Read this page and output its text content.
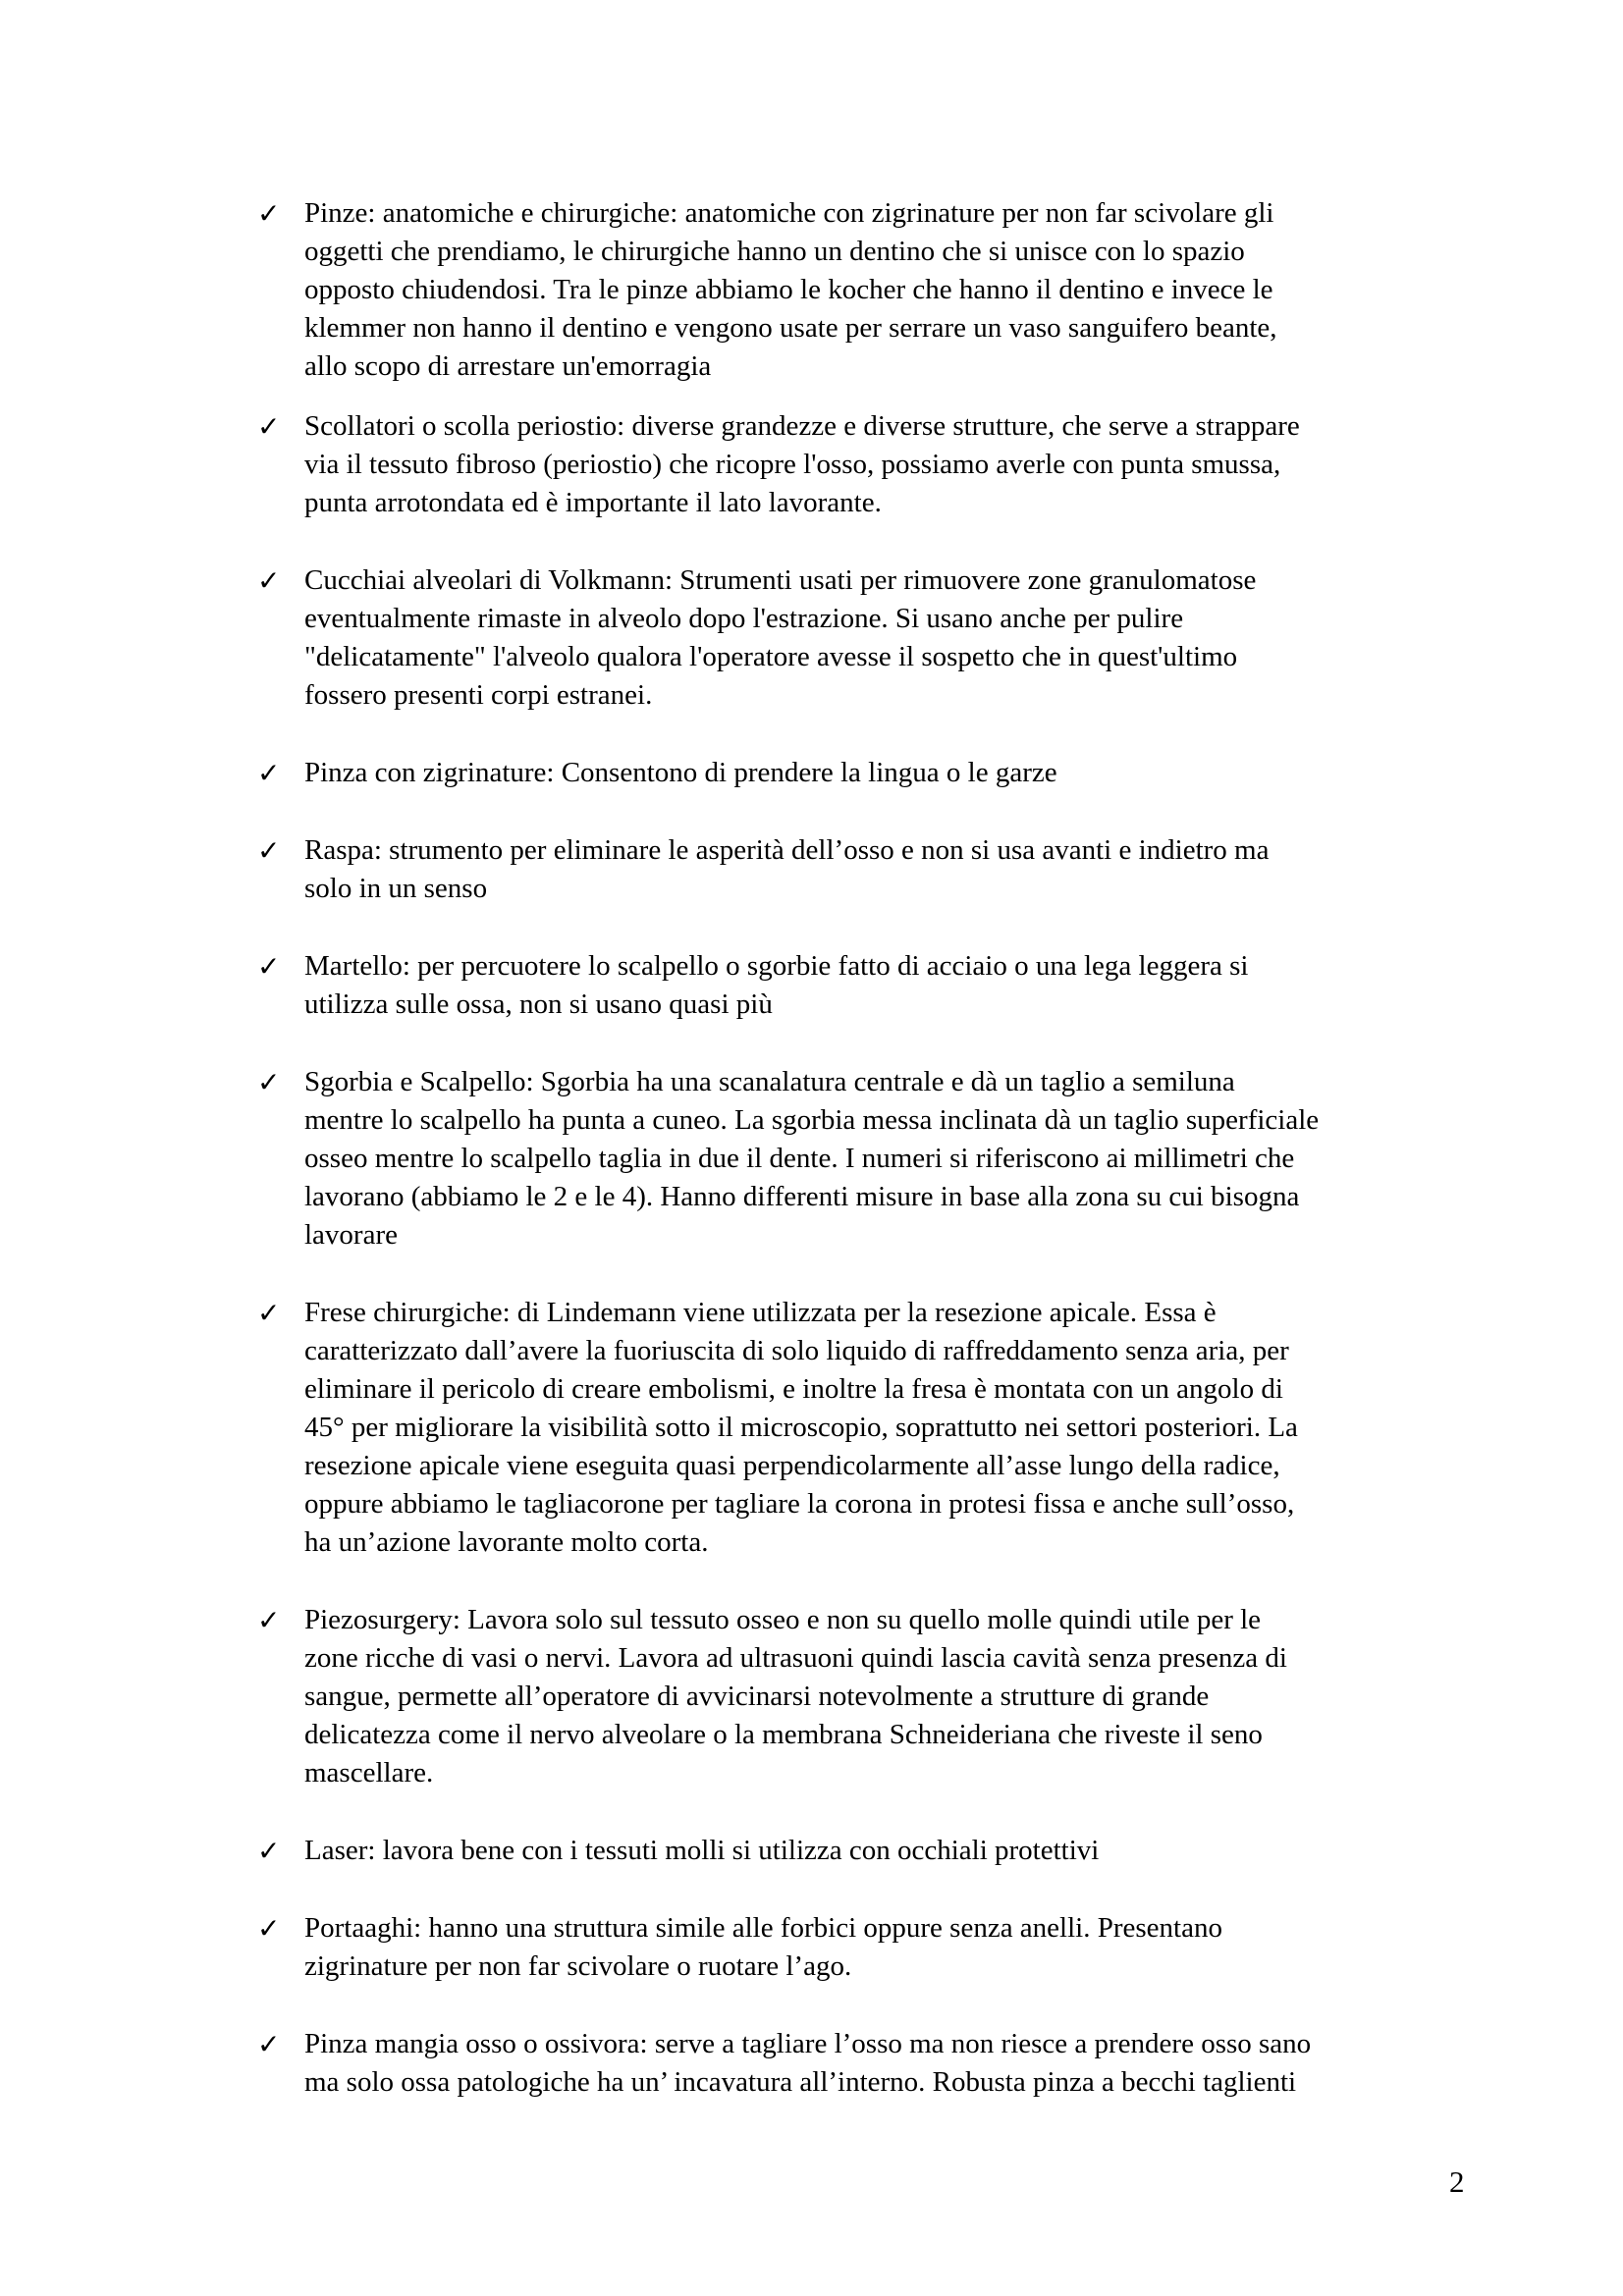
✓ Pinze: anatomiche e chirurgiche: anatomiche con zigrinature per non far scivolare gli
oggetti che prendiamo, le chirurgiche hanno un dentino che si unisce con lo spazio
opposto chiudendosi. Tra le pinze abbiamo le kocher che hanno il dentino e invece le
klemmer non hanno il dentino e vengono usate per serrare un vaso sanguifero beante,
allo scopo di arrestare un'emorragia
✓ Scollatori o scolla periostio: diverse grandezze e diverse strutture, che serve a strappare
via il tessuto fibroso (periostio) che ricopre l'osso, possiamo averle con punta smussa,
punta arrotondata ed è importante il lato lavorante.
✓ Cucchiai alveolari di Volkmann: Strumenti usati per rimuovere zone granulomatose
eventualmente rimaste in alveolo dopo l'estrazione. Si usano anche per pulire
"delicatamente" l'alveolo qualora l'operatore avesse il sospetto che in quest'ultimo
fossero presenti corpi estranei.
✓ Pinza con zigrinature: Consentono di prendere la lingua o le garze
✓ Raspa: strumento per eliminare le asperità dell’osso e non si usa avanti e indietro ma
solo in un senso
✓ Martello: per percuotere lo scalpello o sgorbie fatto di acciaio o una lega leggera si
utilizza sulle ossa, non si usano quasi più
✓ Sgorbia e Scalpello: Sgorbia ha una scanalatura centrale e dà un taglio a semiluna
mentre lo scalpello ha punta a cuneo. La sgorbia messa inclinata dà un taglio superficiale
osseo mentre lo scalpello taglia in due il dente. I numeri si riferiscono ai millimetri che
lavorano (abbiamo le 2 e le 4). Hanno differenti misure in base alla zona su cui bisogna
lavorare
✓ Frese chirurgiche: di Lindemann viene utilizzata per la resezione apicale. Essa è
caratterizzato dall’avere la fuoriuscita di solo liquido di raffreddamento senza aria, per
eliminare il pericolo di creare embolismi, e inoltre la fresa è montata con un angolo di
45° per migliorare la visibilità sotto il microscopio, soprattutto nei settori posteriori. La
resezione apicale viene eseguita quasi perpendicolarmente all’asse lungo della radice,
oppure abbiamo le tagliacorone per tagliare la corona in protesi fissa e anche sull’osso,
ha un’azione lavorante molto corta.
✓ Piezosurgery: Lavora solo sul tessuto osseo e non su quello molle quindi utile per le
zone ricche di vasi o nervi. Lavora ad ultrasuoni quindi lascia cavità senza presenza di
sangue, permette all’operatore di avvicinarsi notevolmente a strutture di grande
delicatezza come il nervo alveolare o la membrana Schneideriana che riveste il seno
mascellare.
✓ Laser: lavora bene con i tessuti molli si utilizza con occhiali protettivi
✓ Portaaghi: hanno una struttura simile alle forbici oppure senza anelli. Presentano
zigrinature per non far scivolare o ruotare l’ago.
✓ Pinza mangia osso o ossivora: serve a tagliare l’osso ma non riesce a prendere osso sano
ma solo ossa patologiche ha un’ incavatura all’interno. Robusta pinza a becchi taglienti
2
